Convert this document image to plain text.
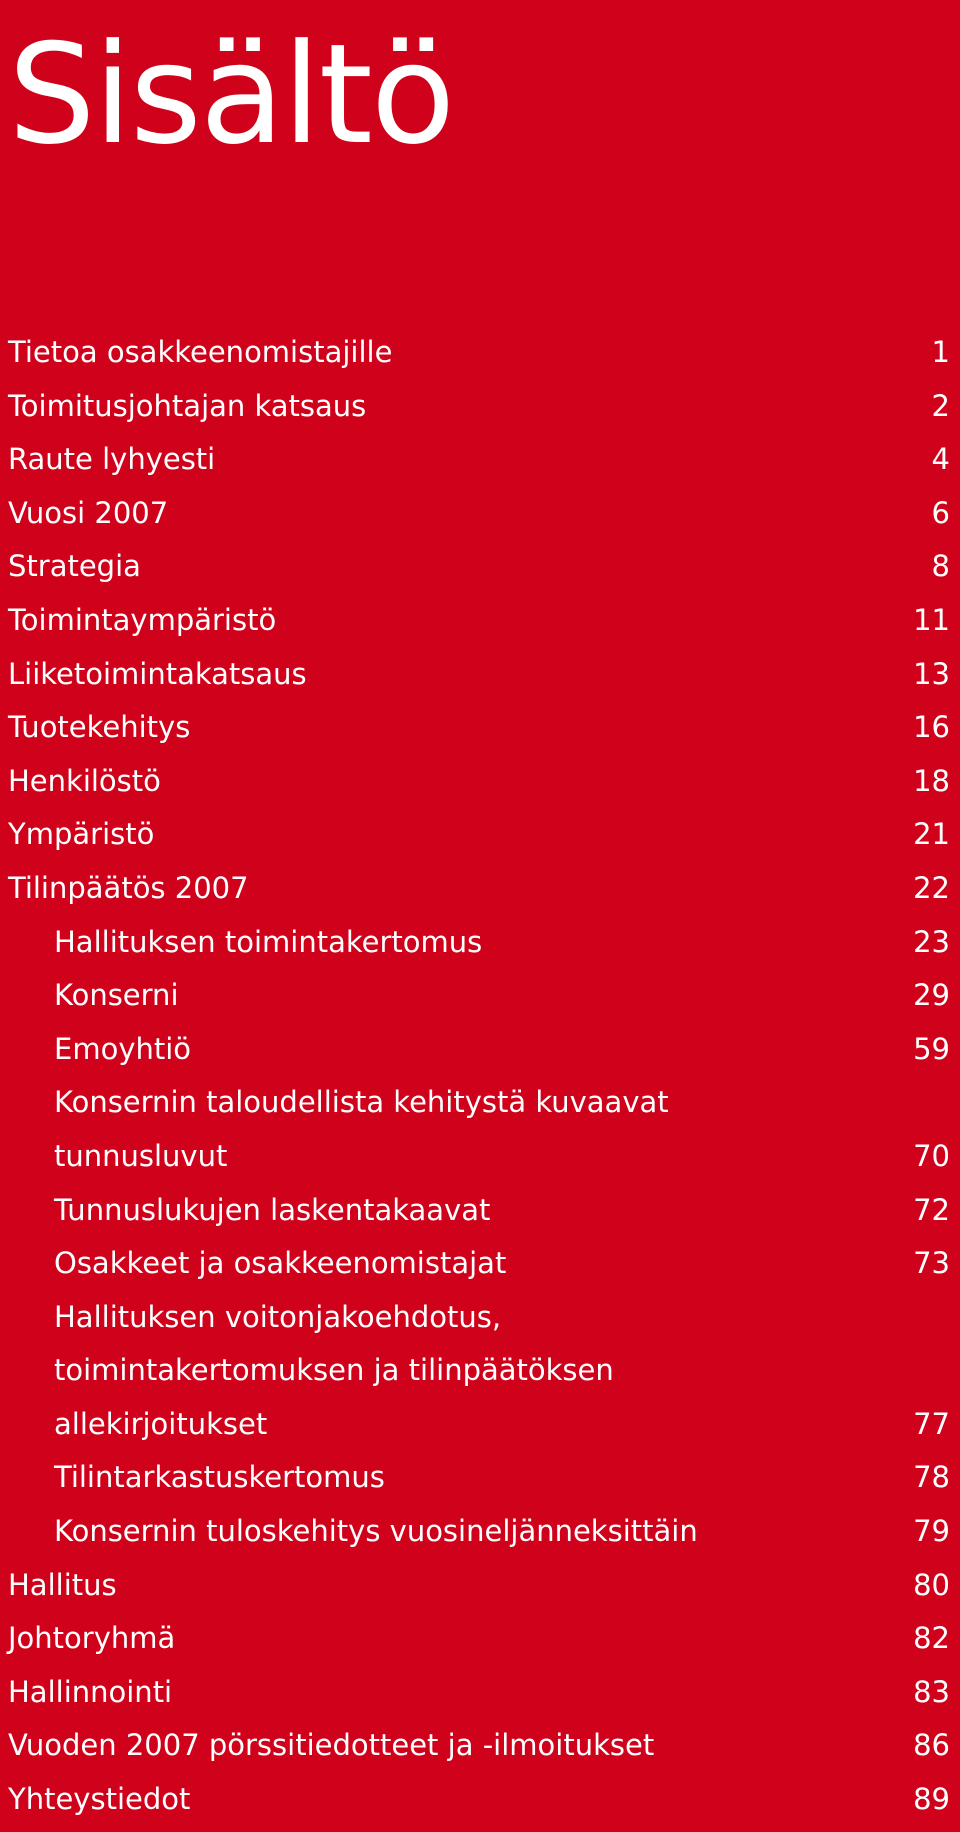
Sisältö
Tietoa osakkeenomistajille	1
Toimitusjohtajan katsaus	2
Raute lyhyesti	4
Vuosi 2007	6
Strategia	8
Toimintaympäristö	11
Liiketoimintakatsaus	13
Tuotekehitys	16
Henkilöstö	18
Ympäristö	21
Tilinpäätös 2007	22
Hallituksen toimintakertomus	23
Konserni	29
Emoyhtiö	59
Konsernin taloudellista kehitystä kuvaavat
tunnusluvut	70
Tunnuslukujen laskentakaavat	72
Osakkeet ja osakkeenomistajat	73
Hallituksen voitonjakoehdotus,
toimintakertomuksen ja tilinpäätöksen
allekirjoitukset	77
Tilintarkastuskertomus	78
Konsernin tuloskehitys vuosineljänneksittäin	79
Hallitus	80
Johtoryhmä	82
Hallinnointi	83
Vuoden 2007 pörssitiedotteet ja -ilmoitukset	86
Yhteystiedot	89
